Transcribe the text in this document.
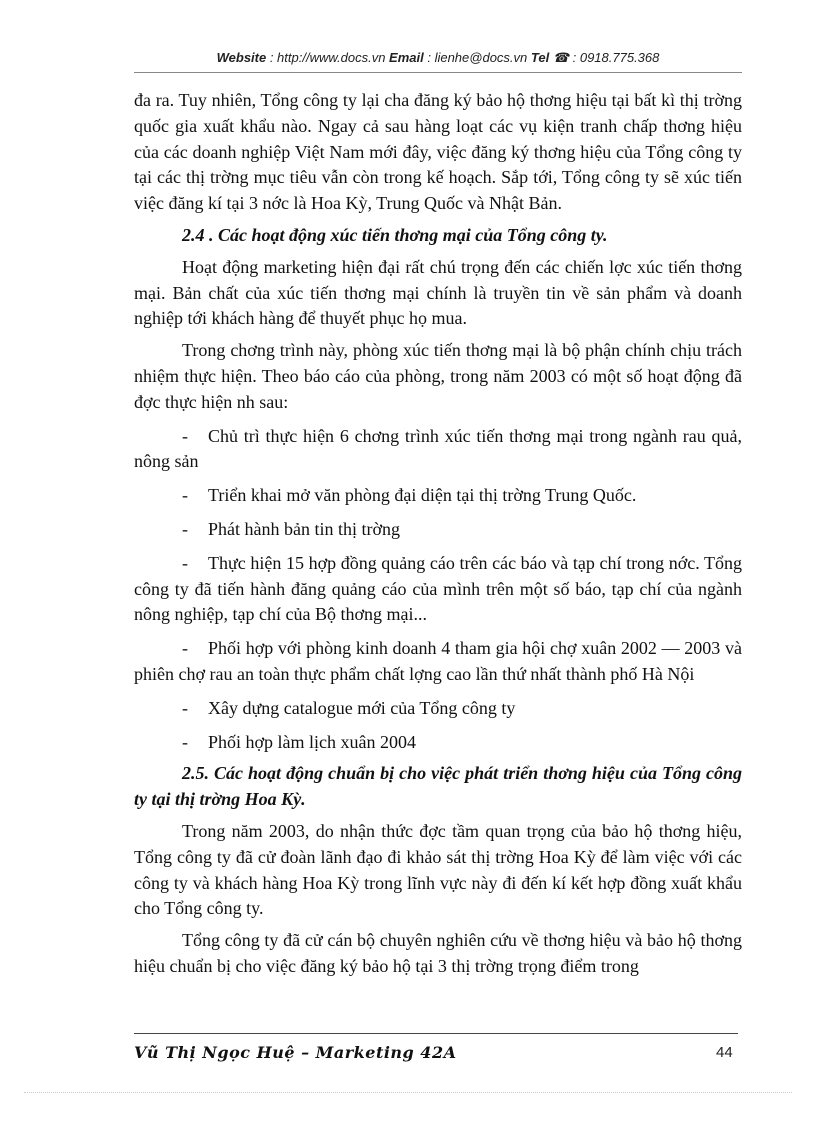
Website : http://www.docs.vn Email : lienhe@docs.vn Tel ☎ : 0918.775.368

đa ra. Tuy nhiên, Tổng công ty lại cha đăng ký bảo hộ thơng hiệu tại bất kì thị trờng quốc gia xuất khẩu nào. Ngay cả sau hàng loạt các vụ kiện tranh chấp thơng hiệu của các doanh nghiệp Việt Nam mới đây, việc đăng ký thơng hiệu của Tổng công ty tại các thị trờng mục tiêu vẫn còn trong kế hoạch. Sắp tới, Tổng công ty sẽ xúc tiến việc đăng kí tại 3 nớc là Hoa Kỳ, Trung Quốc và Nhật Bản.

2.4 . Các hoạt động xúc tiến thơng mại của Tổng công ty.

Hoạt động marketing hiện đại rất chú trọng đến các chiến lợc xúc tiến thơng mại. Bản chất của xúc tiến thơng mại chính là truyền tin về sản phẩm và doanh nghiệp tới khách hàng để thuyết phục họ mua.

Trong chơng trình này, phòng xúc tiến thơng mại là bộ phận chính chịu trách nhiệm thực hiện. Theo báo cáo của phòng, trong năm 2003 có một số hoạt động đã đợc thực hiện nh sau:

- Chủ trì thực hiện 6 chơng trình xúc tiến thơng mại trong ngành rau quả, nông sản

- Triển khai mở văn phòng đại diện tại thị trờng Trung Quốc.

- Phát hành bản tin thị trờng

- Thực hiện 15 hợp đồng quảng cáo trên các báo và tạp chí trong nớc. Tổng công ty đã tiến hành đăng quảng cáo của mình trên một số báo, tạp chí của ngành nông nghiệp, tạp chí của Bộ thơng mại...

- Phối hợp với phòng kinh doanh 4 tham gia hội chợ xuân 2002 — 2003 và phiên chợ rau an toàn thực phẩm chất lợng cao lần thứ nhất thành phố Hà Nội

- Xây dựng catalogue mới của Tổng công ty

- Phối hợp làm lịch xuân 2004

2.5. Các hoạt động chuẩn bị cho việc phát triển thơng hiệu của Tổng công ty tại thị trờng Hoa Kỳ.

Trong năm 2003, do nhận thức đợc tầm quan trọng của bảo hộ thơng hiệu, Tổng công ty đã cử đoàn lãnh đạo đi khảo sát thị trờng Hoa Kỳ để làm việc với các công ty và khách hàng Hoa Kỳ trong lĩnh vực này đi đến kí kết hợp đồng xuất khẩu cho Tổng công ty.

Tổng công ty đã cử cán bộ chuyên nghiên cứu về thơng hiệu và bảo hộ thơng hiệu chuẩn bị cho việc đăng ký bảo hộ tại 3 thị trờng trọng điểm trong

Vũ Thị Ngọc Huệ – Marketing 42A	44
